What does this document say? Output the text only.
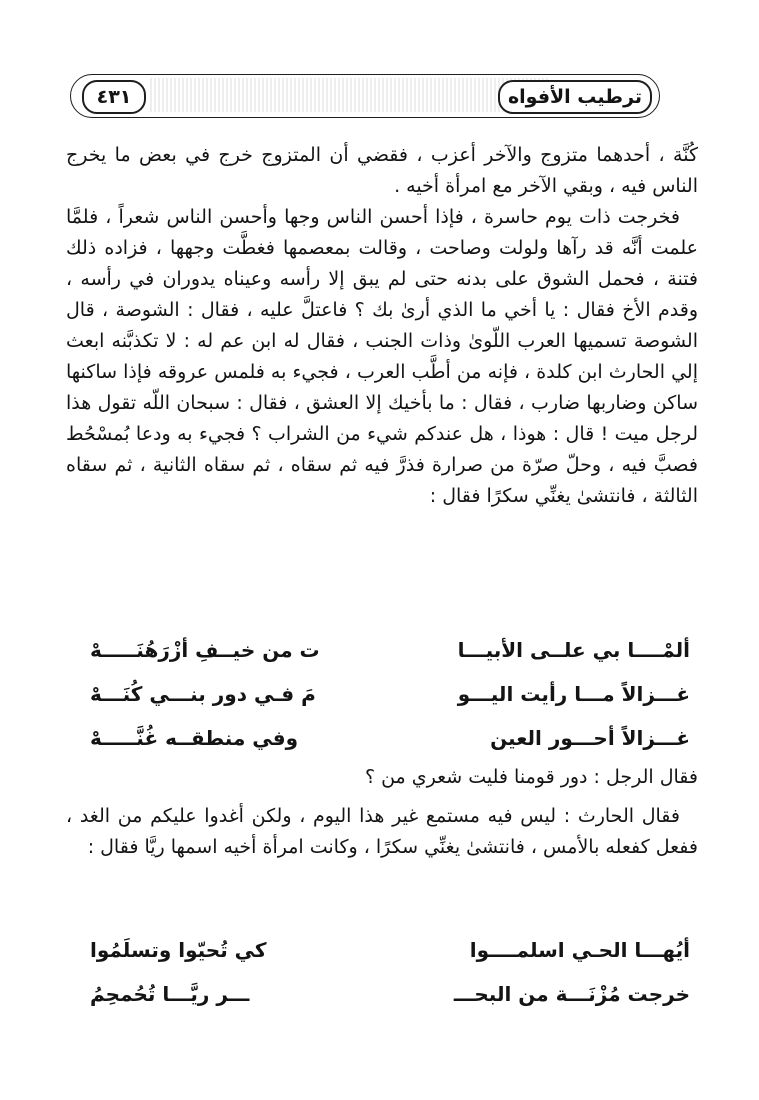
ترطيب الأفواه
٤٣١

كُنَّة ، أحدهما متزوج والآخر أعزب ، فقضي أن المتزوج خرج في بعض ما يخرج الناس فيه ، وبقي الآخر مع امرأة أخيه .

فخرجت ذات يوم حاسرة ، فإذا أحسن الناس وجها وأحسن الناس شعراً ، فلمَّا علمت أنَّه قد رآها ولولت وصاحت ، وقالت بمعصمها فغطَّت وجهها ، فزاده ذلك فتنة ، فحمل الشوق على بدنه حتى لم يبق إلا رأسه وعيناه يدوران في رأسه ، وقدم الأخ فقال : يا أخي ما الذي أرىٰ بك ؟ فاعتلَّ عليه ، فقال : الشوصة ، قال الشوصة تسميها العرب اللّوىٰ وذات الجنب ، فقال له ابن عم له : لا تكذبَّنه ابعث إلي الحارث ابن كلدة ، فإنه من أطَّب العرب ، فجيء به فلمس عروقه فإذا ساكنها ساكن وضاربها ضارب ، فقال : ما بأخيك إلا العشق ، فقال : سبحان اللّه تقول هذا لرجل ميت ! قال : هوذا ، هل عندكم شيء من الشراب ؟ فجيء به ودعا بُمسْحُط فصبَّ فيه ، وحلّ صرّة من صرارة فذرَّ فيه ثم سقاه ، ثم سقاه الثانية ، ثم سقاه الثالثة ، فانتشیٰ يغنِّي سكرًا فقال :

ألمْــــا بي علــى الأبيـــا
ت من خيــفِ أزْرَهُنَـــــهْ
غـــزالاً مـــا رأيت اليـــو
مَ فـي دور بنـــي كُنَـــهْ
غـــزالاً أحـــور العين
وفي منطقــه غُنَّـــــهْ

فقال الرجل : دور قومنا فليت شعري من ؟

فقال الحارث : ليس فيه مستمع غير هذا اليوم ، ولكن أغدوا عليكم من الغد ، ففعل كفعله بالأمس ، فانتشیٰ يغنِّي سكرًا ، وكانت امرأة أخيه اسمها ريَّا فقال :

أيُهـــا الحـي اسلمــــوا
كي تُحيّوا وتسلَمُوا
خرجت مُزْنَـــة من البحـــ
ـــر ريَّـــا تُحُمحِمُ
